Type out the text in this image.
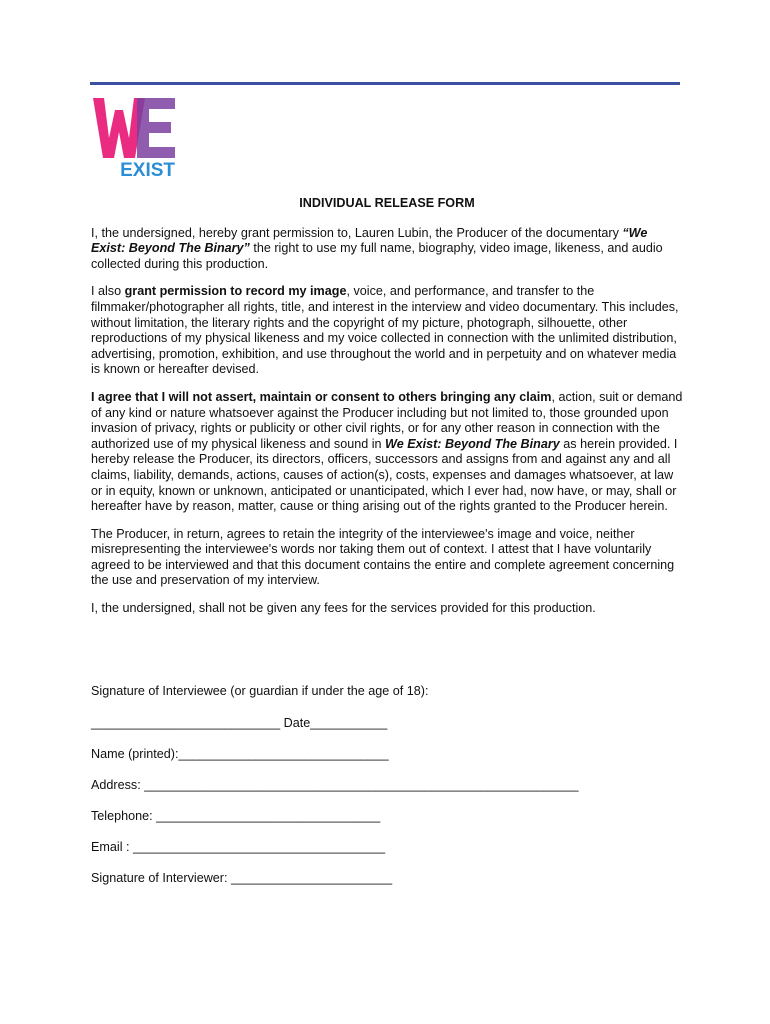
EXIST
INDIVIDUAL RELEASE FORM

I, the undersigned, hereby grant permission to, Lauren Lubin, the Producer of the documentary “We Exist: Beyond The Binary” the right to use my full name, biography, video image, likeness, and audio collected during this production.

I also grant permission to record my image, voice, and performance, and transfer to the filmmaker/photographer all rights, title, and interest in the interview and video documentary. This includes, without limitation, the literary rights and the copyright of my picture, photograph, silhouette, other reproductions of my physical likeness and my voice collected in connection with the unlimited distribution, advertising, promotion, exhibition, and use throughout the world and in perpetuity and on whatever media is known or hereafter devised.

I agree that I will not assert, maintain or consent to others bringing any claim, action, suit or demand of any kind or nature whatsoever against the Producer including but not limited to, those grounded upon invasion of privacy, rights or publicity or other civil rights, or for any other reason in connection with the authorized use of my physical likeness and sound in We Exist: Beyond The Binary as herein provided. I hereby release the Producer, its directors, officers, successors and assigns from and against any and all claims, liability, demands, actions, causes of action(s), costs, expenses and damages whatsoever, at law or in equity, known or unknown, anticipated or unanticipated, which I ever had, now have, or may, shall or hereafter have by reason, matter, cause or thing arising out of the rights granted to the Producer herein.

The Producer, in return, agrees to retain the integrity of the interviewee's image and voice, neither misrepresenting the interviewee's words nor taking them out of context. I attest that I have voluntarily agreed to be interviewed and that this document contains the entire and complete agreement concerning the use and preservation of my interview.

I, the undersigned, shall not be given any fees for the services provided for this production.

Signature of Interviewee (or guardian if under the age of 18):
___________________________ Date___________
Name (printed):______________________________
Address: ______________________________________________________________
Telephone: ________________________________
Email : ____________________________________
Signature of Interviewer: _______________________
